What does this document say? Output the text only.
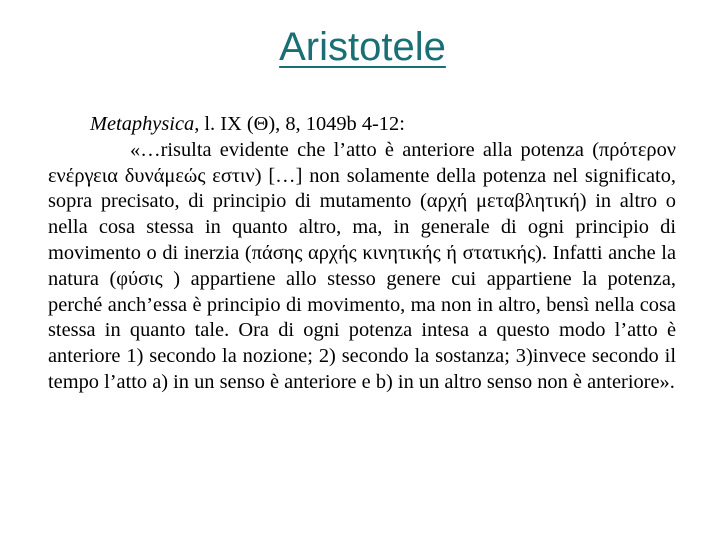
Aristotele
Metaphysica, l. IX (Θ), 8, 1049b 4-12:

«…risulta evidente che l’atto è anteriore alla potenza (πρότερον ενέργεια δυνάμεώς εστιν) […] non solamente della potenza nel significato, sopra precisato, di principio di mutamento (αρχή μεταβλητική) in altro o nella cosa stessa in quanto altro, ma, in generale di ogni principio di movimento o di inerzia (πάσης αρχής κινητικής ή στατικής). Infatti anche la natura (φύσις ) appartiene allo stesso genere cui appartiene la potenza, perché anch’essa è principio di movimento, ma non in altro, bensì nella cosa stessa in quanto tale. Ora di ogni potenza intesa a questo modo l’atto è anteriore 1) secondo la nozione; 2) secondo la sostanza; 3)invece secondo il tempo l’atto a) in un senso è anteriore e b) in un altro senso non è anteriore».
